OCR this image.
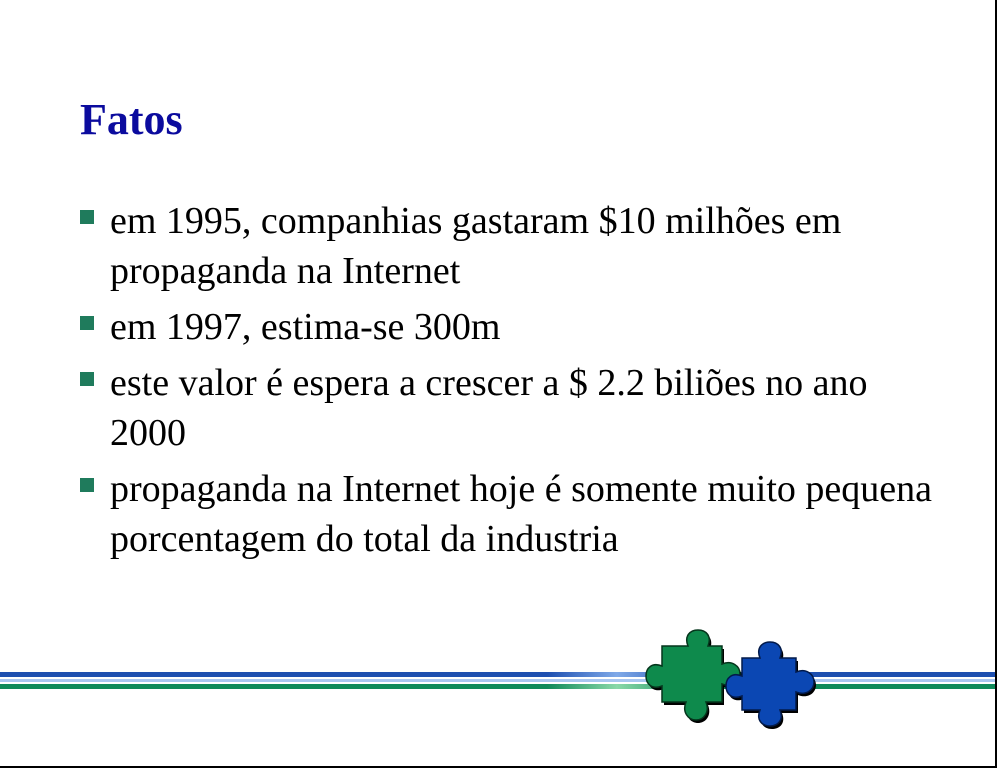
Fatos
em 1995, companhias gastaram $10 milhões em propaganda na Internet
em 1997, estima-se 300m
este valor é espera a crescer a $ 2.2 biliões no ano 2000
propaganda na Internet hoje é somente muito pequena porcentagem do total da industria
